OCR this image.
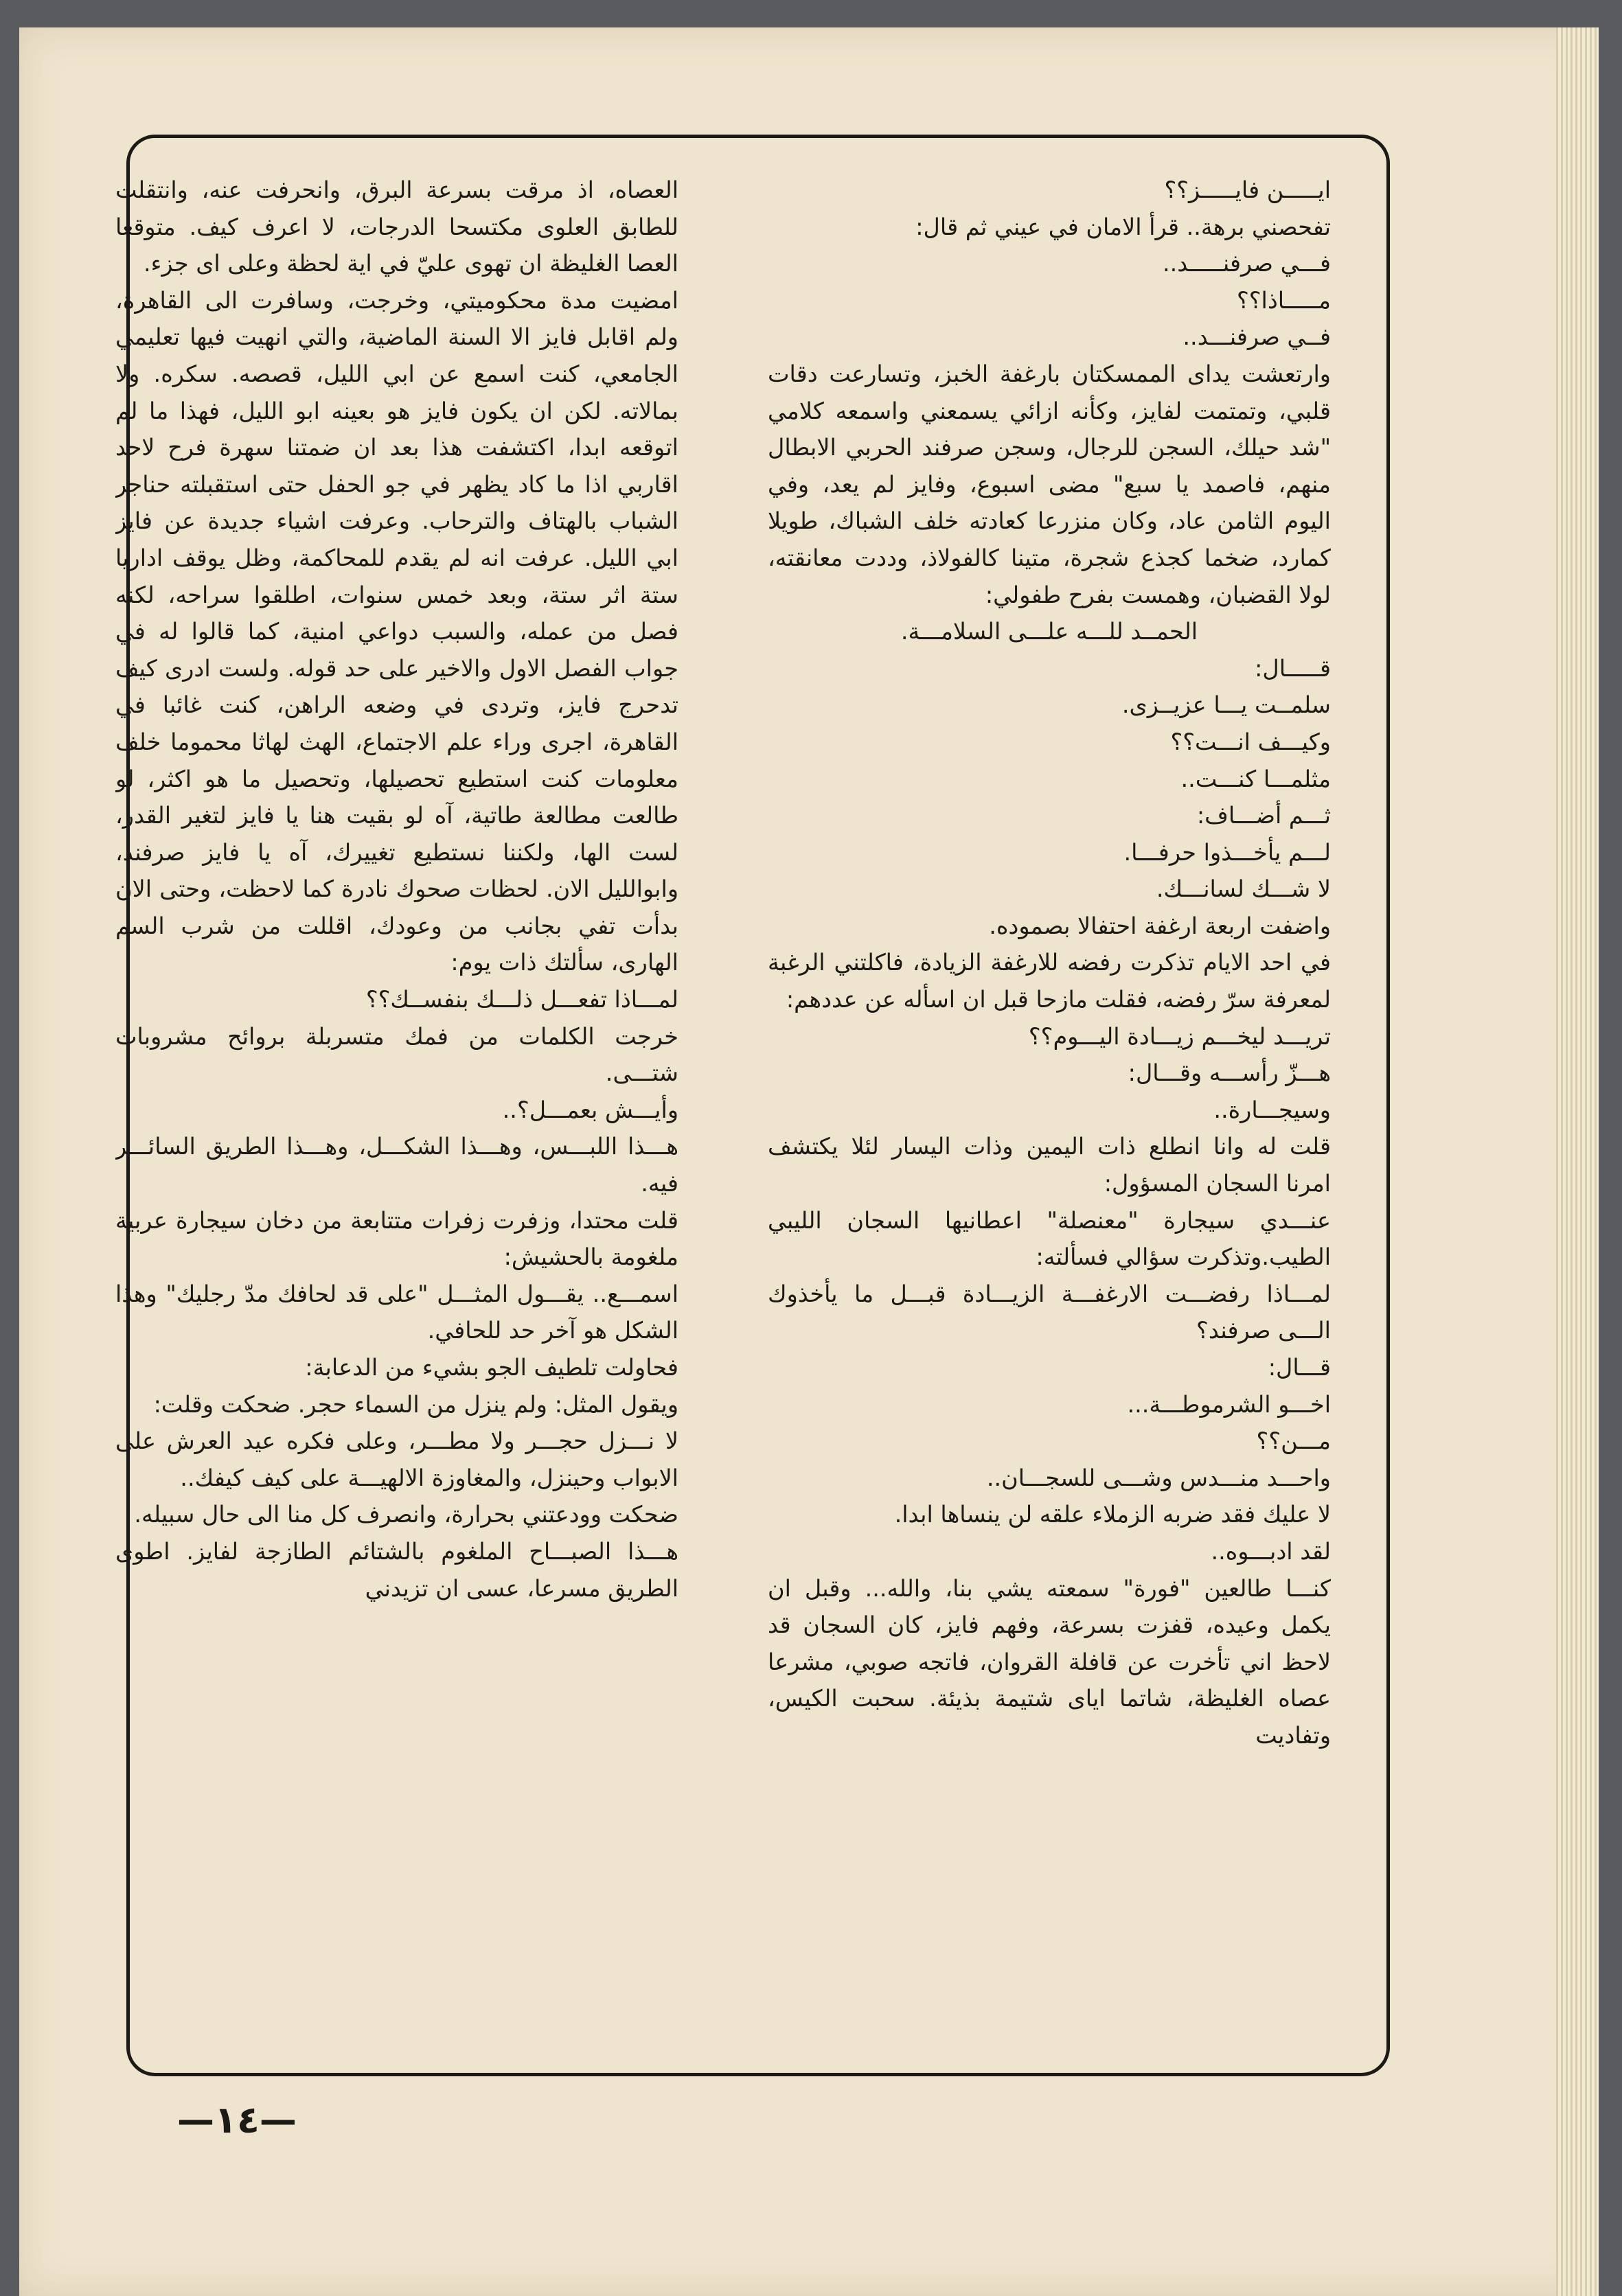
ايـــــن فايـــــز؟؟

تفحصني برهة.. قرأ الامان في عيني ثم قال:

فـــي صرفنـــــد..

مـــــاذا؟؟

فــي صرفنـــد..

وارتعشت يداى الممسكتان بارغفة الخبز، وتسارعت دقات قلبي، وتمتمت لفايز، وكأنه ازائي يسمعني واسمعه كلامي "شد حيلك، السجن للرجال، وسجن صرفند الحربي الابطال منهم، فاصمد يا سبع" مضى اسبوع، وفايز لم يعد، وفي اليوم الثامن عاد، وكان منزرعا كعادته خلف الشباك، طويلا كمارد، ضخما كجذع شجرة، متينا كالفولاذ، وددت معانقته، لولا القضبان، وهمست بفرح طفولي:

الحمــد للـــه علـــى السلامـــة.

قـــــال:

سلمــت يـــا عزيــزى.

وكيـــف انـــت؟؟

مثلمـــا كنـــت..

ثـــم أضـــاف:

لـــم يأخـــذوا حرفـــا.

لا شـــك لسانـــك.

واضفت اربعة ارغفة احتفالا بصموده.

في احد الايام تذكرت رفضه للارغفة الزيادة، فاكلتني الرغبة لمعرفة سرّ رفضه، فقلت مازحا قبل ان اسأله عن عددهم:

تريـــد ليخـــم زيـــادة اليـــوم؟؟

هـــزّ رأســـه وقـــال:

وسيجـــارة..

قلت له وانا انطلع ذات اليمين وذات اليسار لئلا يكتشف امرنا السجان المسؤول:

عنـــدي سيجارة "معنصلة" اعطانيها السجان الليبي الطيب.وتذكرت سؤالي فسألته:

لمـــاذا رفضـــت الارغفـــة الزيـــادة قبـــل ما يأخذوك الـــى صرفند؟

قـــال:

اخـــو الشرموطـــة...

مـــن؟؟

واحـــد منـــدس وشـــى للسجـــان..

لا عليك فقد ضربه الزملاء علقه لن ينساها ابدا.

لقد ادبـــوه..

كنـــا طالعين "فورة" سمعته يشي بنا، والله... وقبل ان يكمل وعيده، قفزت بسرعة، وفهم فايز، كان السجان قد لاحظ اني تأخرت عن قافلة القروان، فاتجه صوبي، مشرعا عصاه الغليظة، شاتما اياى شتيمة بذيئة. سحبت الكيس، وتفاديت

العصاه، اذ مرقت بسرعة البرق، وانحرفت عنه، وانتقلت للطابق العلوى مكتسحا الدرجات، لا اعرف كيف. متوقعا العصا الغليظة ان تهوى عليّ في اية لحظة وعلى اى جزء.

امضيت مدة محكوميتي، وخرجت، وسافرت الى القاهرة، ولم اقابل فايز الا السنة الماضية، والتي انهيت فيها تعليمي الجامعي، كنت اسمع عن ابي الليل، قصصه. سكره. ولا بمالاته. لكن ان يكون فايز هو بعينه ابو الليل، فهذا ما لم اتوقعه ابدا، اكتشفت هذا بعد ان ضمتنا سهرة فرح لاحد اقاربي اذا ما كاد يظهر في جو الحفل حتى استقبلته حناجر الشباب بالهتاف والترحاب. وعرفت اشياء جديدة عن فايز ابي الليل. عرفت انه لم يقدم للمحاكمة، وظل يوقف اداريا ستة اثر ستة، وبعد خمس سنوات، اطلقوا سراحه، لكنه فصل من عمله، والسبب دواعي امنية، كما قالوا له في جواب الفصل الاول والاخير على حد قوله. ولست ادرى كيف تدحرج فايز، وتردى في وضعه الراهن، كنت غائبا في القاهرة، اجرى وراء علم الاجتماع، الهث لهاثا محموما خلف معلومات كنت استطيع تحصيلها، وتحصيل ما هو اكثر، لو طالعت مطالعة طاتية، آه لو بقيت هنا يا فايز لتغير القدر، لست الها، ولكننا نستطيع تغييرك، آه يا فايز صرفند، وابوالليل الان. لحظات صحوك نادرة كما لاحظت، وحتى الان بدأت تفي بجانب من وعودك، اقللت من شرب السم الهارى، سألتك ذات يوم:

لمـــاذا تفعـــل ذلـــك بنفســك؟؟

خرجت الكلمات من فمك متسربلة بروائح مشروبات شتـــى.

وأيـــش بعمـــل؟..

هـــذا اللبـــس، وهـــذا الشكـــل، وهـــذا الطريق السائـــر فيه.

قلت محتدا، وزفرت زفرات متتابعة من دخان سيجارة عربية ملغومة بالحشيش:

اسمـــع.. يقـــول المثـــل "على قد لحافك مدّ رجليك" وهذا الشكل هو آخر حد للحافي.

فحاولت تلطيف الجو بشيء من الدعابة:

ويقول المثل: ولم ينزل من السماء حجر. ضحكت وقلت:

لا نـــزل حجـــر ولا مطـــر، وعلى فكره عيد العرش على الابواب وحينزل، والمغاوزة الالهيـــة على كيف كيفك..

ضحكت وودعتني بحرارة، وانصرف كل منا الى حال سبيله.

هـــذا الصبـــاح الملغوم بالشتائم الطازجة لفايز. اطوى الطريق مسرعا، عسى ان تزيدني

—١٤—
